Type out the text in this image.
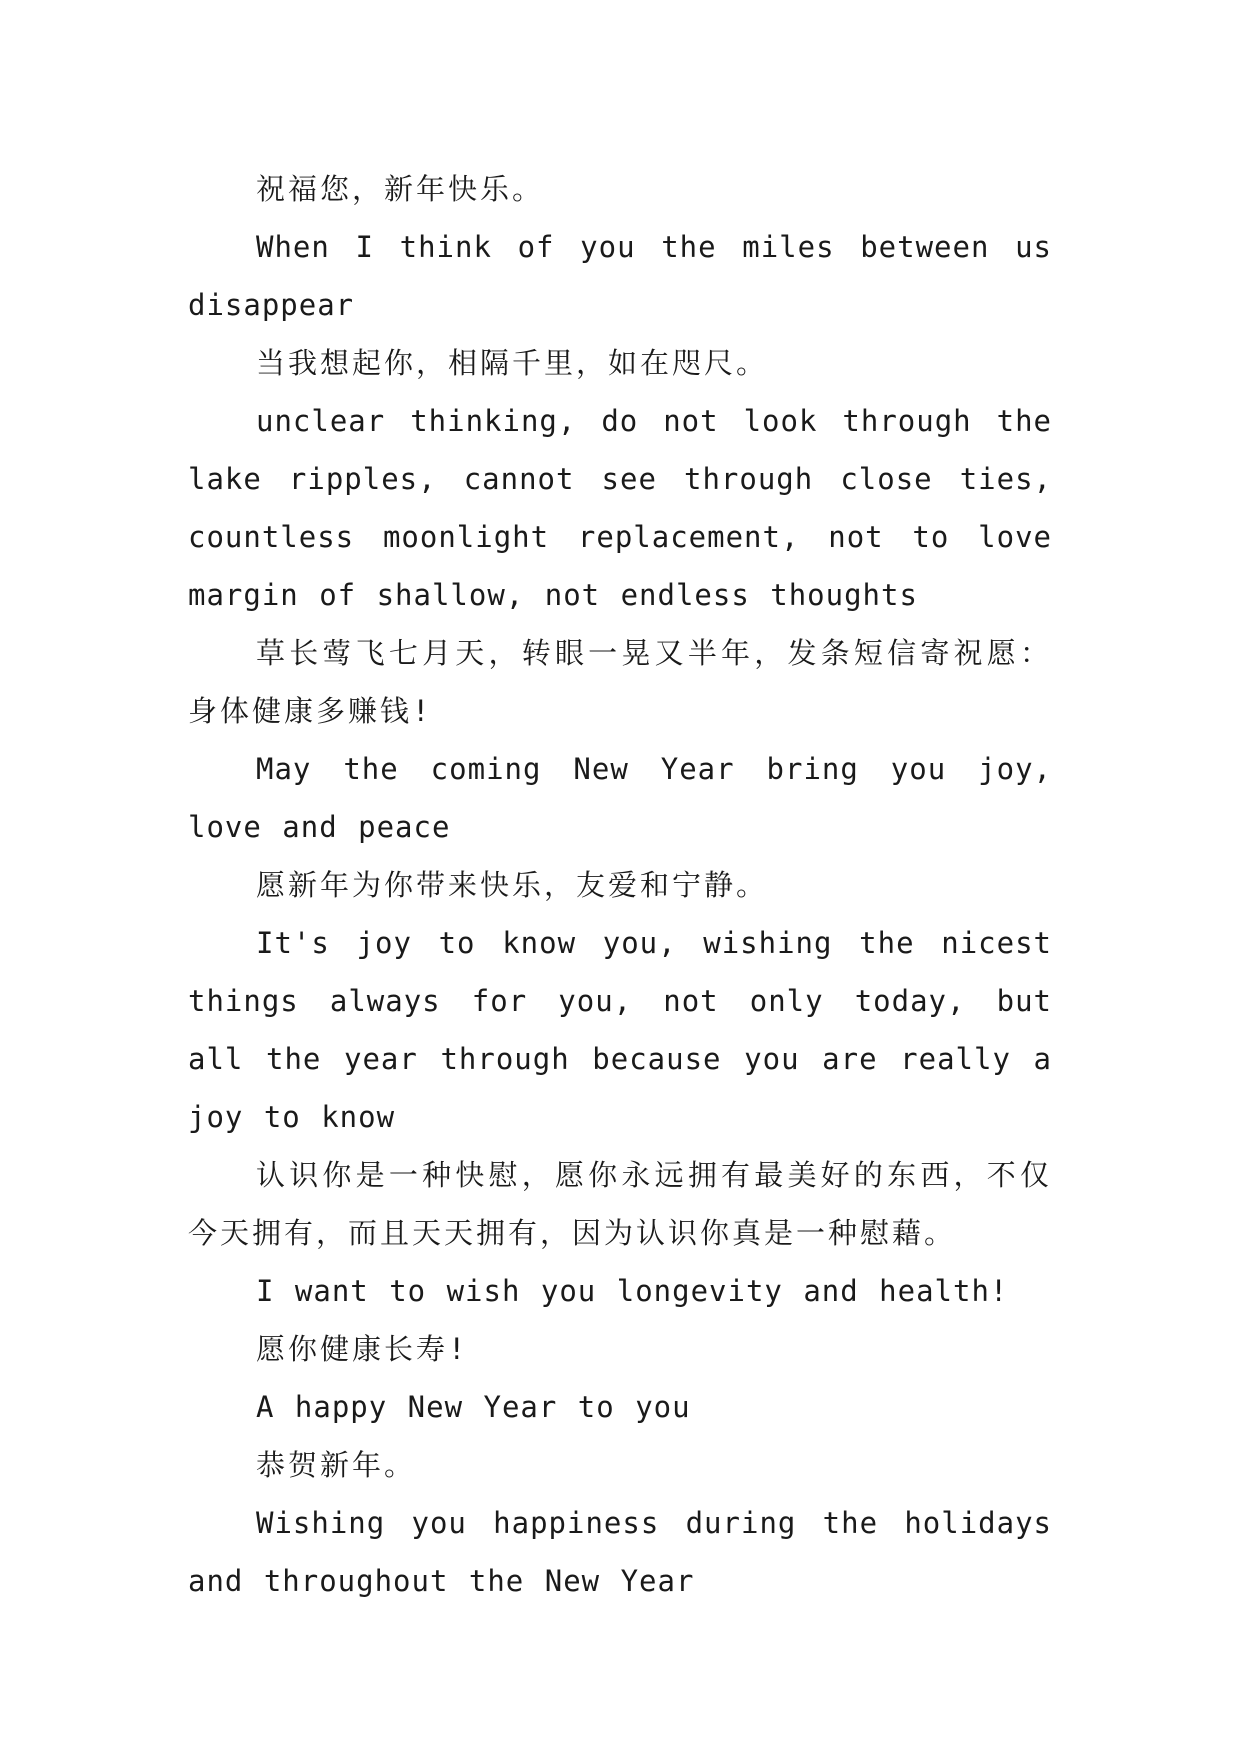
祝福您，新年快乐。

When I think of you the miles between us disappear

当我想起你，相隔千里，如在咫尺。

unclear thinking, do not look through the lake ripples, cannot see through close ties, countless moonlight replacement, not to love margin of shallow, not endless thoughts

草长莺飞七月天，转眼一晃又半年，发条短信寄祝愿：身体健康多赚钱!

May the coming New Year bring you joy, love and peace

愿新年为你带来快乐，友爱和宁静。

It's joy to know you, wishing the nicest things always for you, not only today, but all the year through because you are really a joy to know

认识你是一种快慰，愿你永远拥有最美好的东西，不仅今天拥有，而且天天拥有，因为认识你真是一种慰藉。

I want to wish you longevity and health!

愿你健康长寿!

A happy New Year to you

恭贺新年。

Wishing you happiness during the holidays and throughout the New Year
